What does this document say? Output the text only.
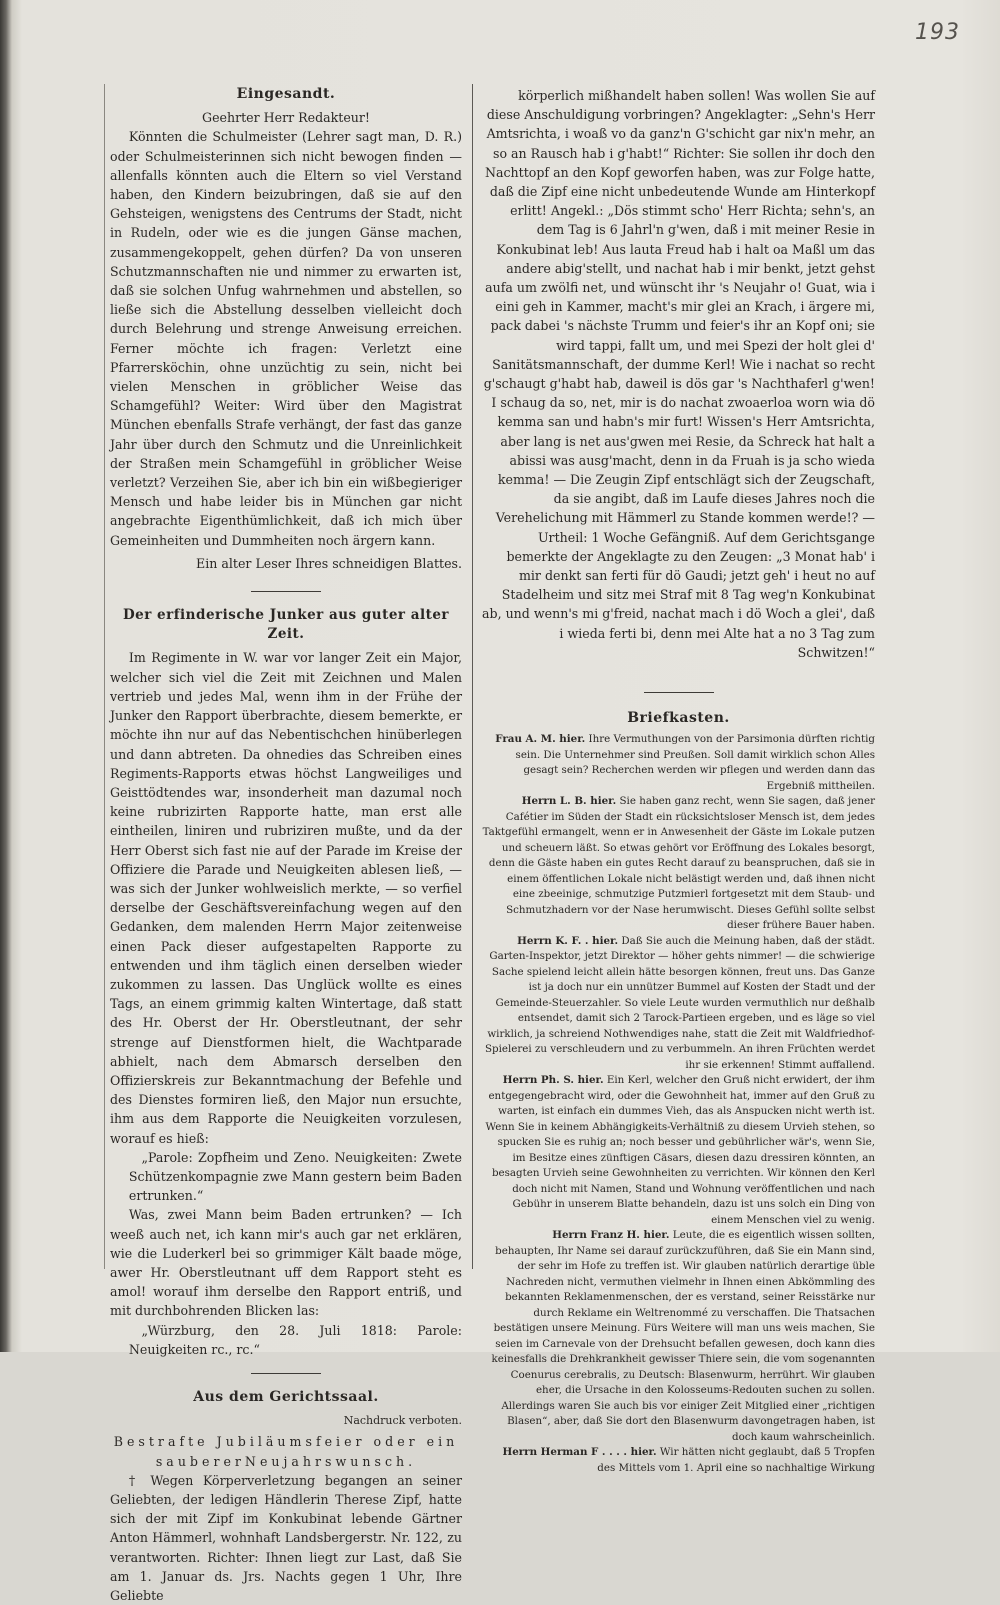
193
Eingesandt.

Geehrter Herr Redakteur!

Könnten die Schulmeister (Lehrer sagt man, D. R.) oder Schulmeisterinnen sich nicht bewogen finden — allenfalls könnten auch die Eltern so viel Verstand haben, den Kindern beizubringen, daß sie auf den Gehsteigen, wenigstens des Centrums der Stadt, nicht in Rudeln, oder wie es die jungen Gänse machen, zusammengekoppelt, gehen dürfen? Da von unseren Schutzmannschaften nie und nimmer zu erwarten ist, daß sie solchen Unfug wahrnehmen und abstellen, so ließe sich die Abstellung desselben vielleicht doch durch Belehrung und strenge Anweisung erreichen. Ferner möchte ich fragen: Verletzt eine Pfarrersköchin, ohne unzüchtig zu sein, nicht bei vielen Menschen in gröblicher Weise das Schamgefühl? Weiter: Wird über den Magistrat München ebenfalls Strafe verhängt, der fast das ganze Jahr über durch den Schmutz und die Unreinlichkeit der Straßen mein Schamgefühl in gröblicher Weise verletzt? Verzeihen Sie, aber ich bin ein wißbegieriger Mensch und habe leider bis in München gar nicht angebrachte Eigenthümlichkeit, daß ich mich über Gemeinheiten und Dummheiten noch ärgern kann.

Ein alter Leser Ihres schneidigen Blattes.

Der erfinderische Junker aus guter alter Zeit.

Im Regimente in W. war vor langer Zeit ein Major, welcher sich viel die Zeit mit Zeichnen und Malen vertrieb und jedes Mal, wenn ihm in der Frühe der Junker den Rapport überbrachte, diesem bemerkte, er möchte ihn nur auf das Nebentischchen hinüberlegen und dann abtreten. Da ohnedies das Schreiben eines Regiments-Rapports etwas höchst Langweiliges und Geisttödtendes war, insonderheit man dazumal noch keine rubrizirten Rapporte hatte, man erst alle eintheilen, liniren und rubriziren mußte, und da der Herr Oberst sich fast nie auf der Parade im Kreise der Offiziere die Parade und Neuigkeiten ablesen ließ, — was sich der Junker wohlweislich merkte, — so verfiel derselbe der Geschäftsvereinfachung wegen auf den Gedanken, dem malenden Herrn Major zeitenweise einen Pack dieser aufgestapelten Rapporte zu entwenden und ihm täglich einen derselben wieder zukommen zu lassen. Das Unglück wollte es eines Tags, an einem grimmig kalten Wintertage, daß statt des Hr. Oberst der Hr. Oberstleutnant, der sehr strenge auf Dienstformen hielt, die Wachtparade abhielt, nach dem Abmarsch derselben den Offizierskreis zur Bekanntmachung der Befehle und des Dienstes formiren ließ, den Major nun ersuchte, ihm aus dem Rapporte die Neuigkeiten vorzulesen, worauf es hieß:

„Parole: Zopfheim und Zeno. Neuigkeiten: Zwete Schützenkompagnie zwe Mann gestern beim Baden ertrunken.“

Was, zwei Mann beim Baden ertrunken? — Ich weeß auch net, ich kann mir's auch gar net erklären, wie die Luderkerl bei so grimmiger Kält baade möge, awer Hr. Oberstleutnant uff dem Rapport steht es amol! worauf ihm derselbe den Rapport entriß, und mit durchbohrenden Blicken las:

„Würzburg, den 28. Juli 1818: Parole: Neuigkeiten rc., rc.“

Aus dem Gerichtssaal.
Nachdruck verboten.

Bestrafte Jubiläumsfeier oder ein saubererNeujahrswunsch.

† Wegen Körperverletzung begangen an seiner Geliebten, der ledigen Händlerin Therese Zipf, hatte sich der mit Zipf im Konkubinat lebende Gärtner Anton Hämmerl, wohnhaft Landsbergerstr. Nr. 122, zu verantworten. Richter: Ihnen liegt zur Last, daß Sie am 1. Januar ds. Jrs. Nachts gegen 1 Uhr, Ihre Geliebte

körperlich mißhandelt haben sollen! Was wollen Sie auf diese Anschuldigung vorbringen? Angeklagter: „Sehn's Herr Amtsrichta, i woaß vo da ganz'n G'schicht gar nix'n mehr, an so an Rausch hab i g'habt!“ Richter: Sie sollen ihr doch den Nachttopf an den Kopf geworfen haben, was zur Folge hatte, daß die Zipf eine nicht unbedeutende Wunde am Hinterkopf erlitt! Angekl.: „Dös stimmt scho' Herr Richta; sehn's, an dem Tag is 6 Jahrl'n g'wen, daß i mit meiner Resie in Konkubinat leb! Aus lauta Freud hab i halt oa Maßl um das andere abig'stellt, und nachat hab i mir benkt, jetzt gehst aufa um zwölfi net, und wünscht ihr 's Neujahr o! Guat, wia i eini geh in Kammer, macht's mir glei an Krach, i ärgere mi, pack dabei 's nächste Trumm und feier's ihr an Kopf oni; sie wird tappi, fallt um, und mei Spezi der holt glei d' Sanitätsmannschaft, der dumme Kerl! Wie i nachat so recht g'schaugt g'habt hab, daweil is dös gar 's Nachthaferl g'wen! I schaug da so, net, mir is do nachat zwoaerloa worn wia dö kemma san und habn's mir furt! Wissen's Herr Amtsrichta, aber lang is net aus'gwen mei Resie, da Schreck hat halt a abissi was ausg'macht, denn in da Fruah is ja scho wieda kemma! — Die Zeugin Zipf entschlägt sich der Zeugschaft, da sie angibt, daß im Laufe dieses Jahres noch die Verehelichung mit Hämmerl zu Stande kommen werde!? — Urtheil: 1 Woche Gefängniß. Auf dem Gerichtsgange bemerkte der Angeklagte zu den Zeugen: „3 Monat hab' i mir denkt san ferti für dö Gaudi; jetzt geh' i heut no auf Stadelheim und sitz mei Straf mit 8 Tag weg'n Konkubinat ab, und wenn's mi g'freid, nachat mach i dö Woch a glei', daß i wieda ferti bi, denn mei Alte hat a no 3 Tag zum Schwitzen!“

Briefkasten.

Frau A. M. hier. Ihre Vermuthungen von der Parsimonia dürften richtig sein. Die Unternehmer sind Preußen. Soll damit wirklich schon Alles gesagt sein? Recherchen werden wir pflegen und werden dann das Ergebniß mittheilen.

Herrn L. B. hier. Sie haben ganz recht, wenn Sie sagen, daß jener Cafétier im Süden der Stadt ein rücksichtsloser Mensch ist, dem jedes Taktgefühl ermangelt, wenn er in Anwesenheit der Gäste im Lokale putzen und scheuern läßt. So etwas gehört vor Eröffnung des Lokales besorgt, denn die Gäste haben ein gutes Recht darauf zu beanspruchen, daß sie in einem öffentlichen Lokale nicht belästigt werden und, daß ihnen nicht eine zbeeinige, schmutzige Putzmierl fortgesetzt mit dem Staub- und Schmutzhadern vor der Nase herumwischt. Dieses Gefühl sollte selbst dieser frühere Bauer haben.

Herrn K. F. . hier. Daß Sie auch die Meinung haben, daß der städt. Garten-Inspektor, jetzt Direktor — höher gehts nimmer! — die schwierige Sache spielend leicht allein hätte besorgen können, freut uns. Das Ganze ist ja doch nur ein unnützer Bummel auf Kosten der Stadt und der Gemeinde-Steuerzahler. So viele Leute wurden vermuthlich nur deßhalb entsendet, damit sich 2 Tarock-Partieen ergeben, und es läge so viel wirklich, ja schreiend Nothwendiges nahe, statt die Zeit mit Waldfriedhof-Spielerei zu verschleudern und zu verbummeln. An ihren Früchten werdet ihr sie erkennen! Stimmt auffallend.

Herrn Ph. S. hier. Ein Kerl, welcher den Gruß nicht erwidert, der ihm entgegengebracht wird, oder die Gewohnheit hat, immer auf den Gruß zu warten, ist einfach ein dummes Vieh, das als Anspucken nicht werth ist. Wenn Sie in keinem Abhängigkeits-Verhältniß zu diesem Urvieh stehen, so spucken Sie es ruhig an; noch besser und gebührlicher wär's, wenn Sie, im Besitze eines zünftigen Cäsars, diesen dazu dressiren könnten, an besagten Urvieh seine Gewohnheiten zu verrichten. Wir können den Kerl doch nicht mit Namen, Stand und Wohnung veröffentlichen und nach Gebühr in unserem Blatte behandeln, dazu ist uns solch ein Ding von einem Menschen viel zu wenig.

Herrn Franz H. hier. Leute, die es eigentlich wissen sollten, behaupten, Ihr Name sei darauf zurückzuführen, daß Sie ein Mann sind, der sehr im Hofe zu treffen ist. Wir glauben natürlich derartige üble Nachreden nicht, vermuthen vielmehr in Ihnen einen Abkömmling des bekannten Reklamenmenschen, der es verstand, seiner Reisstärke nur durch Reklame ein Weltrenommé zu verschaffen. Die Thatsachen bestätigen unsere Meinung. Fürs Weitere will man uns weis machen, Sie seien im Carnevale von der Drehsucht befallen gewesen, doch kann dies keinesfalls die Drehkrankheit gewisser Thiere sein, die vom sogenannten Coenurus cerebralis, zu Deutsch: Blasenwurm, herrührt. Wir glauben eher, die Ursache in den Kolosseums-Redouten suchen zu sollen. Allerdings waren Sie auch bis vor einiger Zeit Mitglied einer „richtigen Blasen“, aber, daß Sie dort den Blasenwurm davongetragen haben, ist doch kaum wahrscheinlich.

Herrn Herman F . . . . hier. Wir hätten nicht geglaubt, daß 5 Tropfen des Mittels vom 1. April eine so nachhaltige Wirkung
